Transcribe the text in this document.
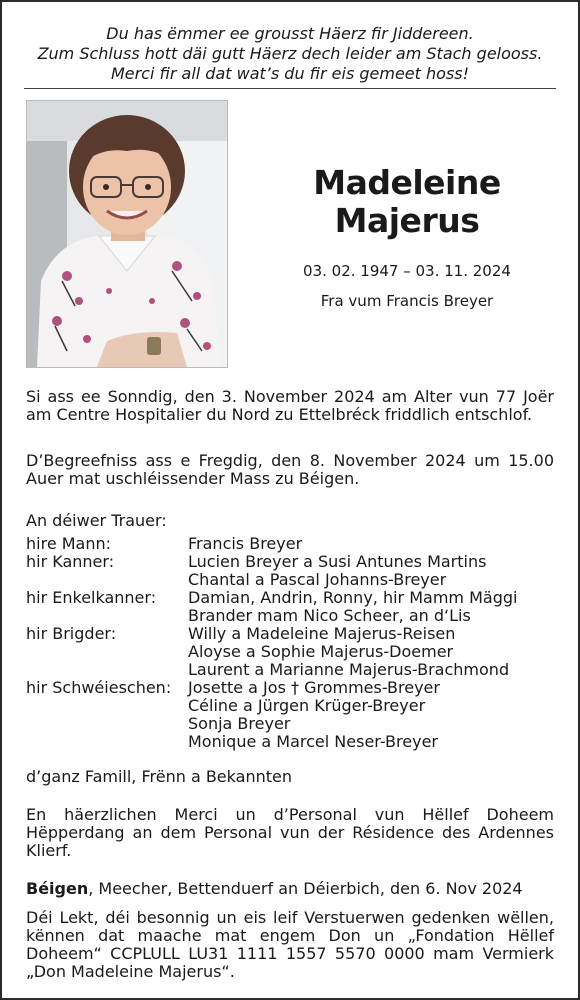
Du has ëmmer ee grousst Häerz fir Jiddereen.
Zum Schluss hott däi gutt Häerz dech leider am Stach gelooss.
Merci fir all dat wat’s du fir eis gemeet hoss!
Madeleine
Majerus
03. 02. 1947 – 03. 11. 2024
Fra vum Francis Breyer
Si ass ee Sonndig, den 3. November 2024 am Alter vun 77 Joër am Centre Hospitalier du Nord zu Ettelbréck friddlich entschlof.
D’Begreefniss ass e Fregdig, den 8. November 2024 um 15.00 Auer mat uschléissender Mass zu Béigen.
An déiwer Trauer:
hire Mann:	Francis Breyer
hir Kanner:	Lucien Breyer a Susi Antunes Martins
Chantal a Pascal Johanns-Breyer
hir Enkelkanner:	Damian, Andrin, Ronny, hir Mamm Mäggi
Brander mam Nico Scheer, an d‘Lis
hir Brigder:	Willy a Madeleine Majerus-Reisen
Aloyse a Sophie Majerus-Doemer
Laurent a Marianne Majerus-Brachmond
hir Schwéieschen:	Josette a Jos † Grommes-Breyer
Céline a Jürgen Krüger-Breyer
Sonja Breyer
Monique a Marcel Neser-Breyer
d’ganz Famill, Frënn a Bekannten
En häerzlichen Merci un d’Personal vun Hëllef Doheem Hëpperdang an dem Personal vun der Résidence des Ardennes Klierf.
Béigen, Meecher, Bettenduerf an Déierbich, den 6. Nov 2024
Déi Lekt, déi besonnig un eis leif Verstuerwen gedenken wëllen, kënnen dat maache mat engem Don un „Fondation Hëllef Doheem“ CCPLULL LU31 1111 1557 5570 0000 mam Vermierk „Don Madeleine Majerus“.
